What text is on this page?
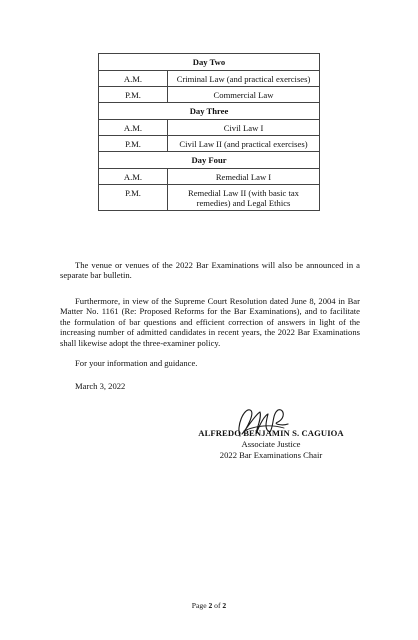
Day Two	
A.M.	Criminal Law (and practical exercises)
P.M.	Commercial Law
Day Three	
A.M.	Civil Law I
P.M.	Civil Law II (and practical exercises)
Day Four	
A.M.	Remedial Law I
P.M.	Remedial Law II (with basic tax remedies) and Legal Ethics

The venue or venues of the 2022 Bar Examinations will also be announced in a separate bar bulletin.

Furthermore, in view of the Supreme Court Resolution dated June 8, 2004 in Bar Matter No. 1161 (Re: Proposed Reforms for the Bar Examinations), and to facilitate the formulation of bar questions and efficient correction of answers in light of the increasing number of admitted candidates in recent years, the 2022 Bar Examinations shall likewise adopt the three-examiner policy.

For your information and guidance.

March 3, 2022

ALFREDO BENJAMIN S. CAGUIOA
Associate Justice
2022 Bar Examinations Chair
Page 2 of 2
